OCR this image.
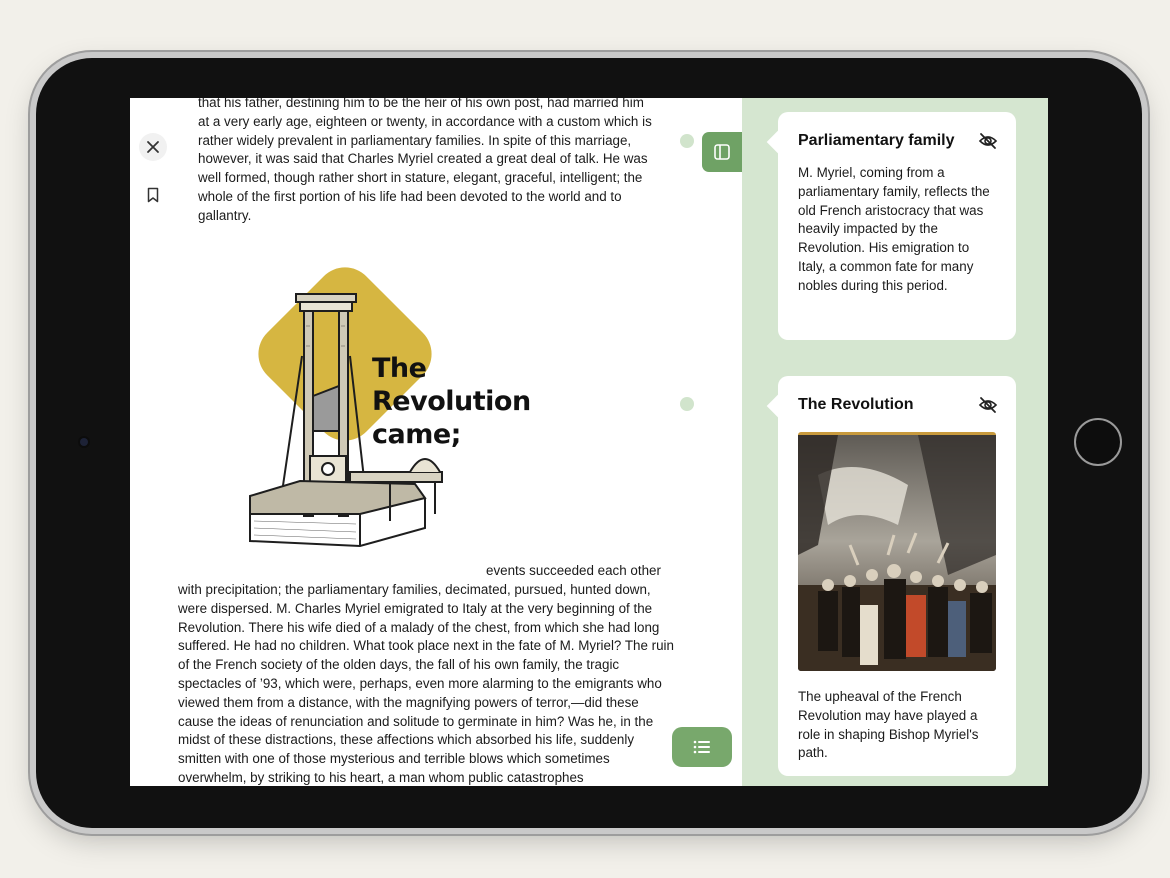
that his father, destining him to be the heir of his own post, had married him at a very early age, eighteen or twenty, in accordance with a custom which is rather widely prevalent in parliamentary families. In spite of this marriage, however, it was said that Charles Myriel created a great deal of talk. He was well formed, though rather short in stature, elegant, graceful, intelligent; the whole of the first portion of his life had been devoted to the world and to gallantry.

The
Revolution
came;
events succeeded each other

with precipitation; the parliamentary families, decimated, pursued, hunted down, were dispersed. M. Charles Myriel emigrated to Italy at the very beginning of the Revolution. There his wife died of a malady of the chest, from which she had long suffered. He had no children. What took place next in the fate of M. Myriel? The ruin of the French society of the olden days, the fall of his own family, the tragic spectacles of ’93, which were, perhaps, even more alarming to the emigrants who viewed them from a distance, with the magnifying powers of terror,—did these cause the ideas of renunciation and solitude to germinate in him? Was he, in the midst of these distractions, these affections which absorbed his life, suddenly smitten with one of those mysterious and terrible blows which sometimes overwhelm, by striking to his heart, a man whom public catastrophes

Parliamentary family

M. Myriel, coming from a parliamentary family, reflects the old French aristocracy that was heavily impacted by the Revolution. His emigration to Italy, a common fate for many nobles during this period.

The Revolution

The upheaval of the French Revolution may have played a role in shaping Bishop Myriel's path.
